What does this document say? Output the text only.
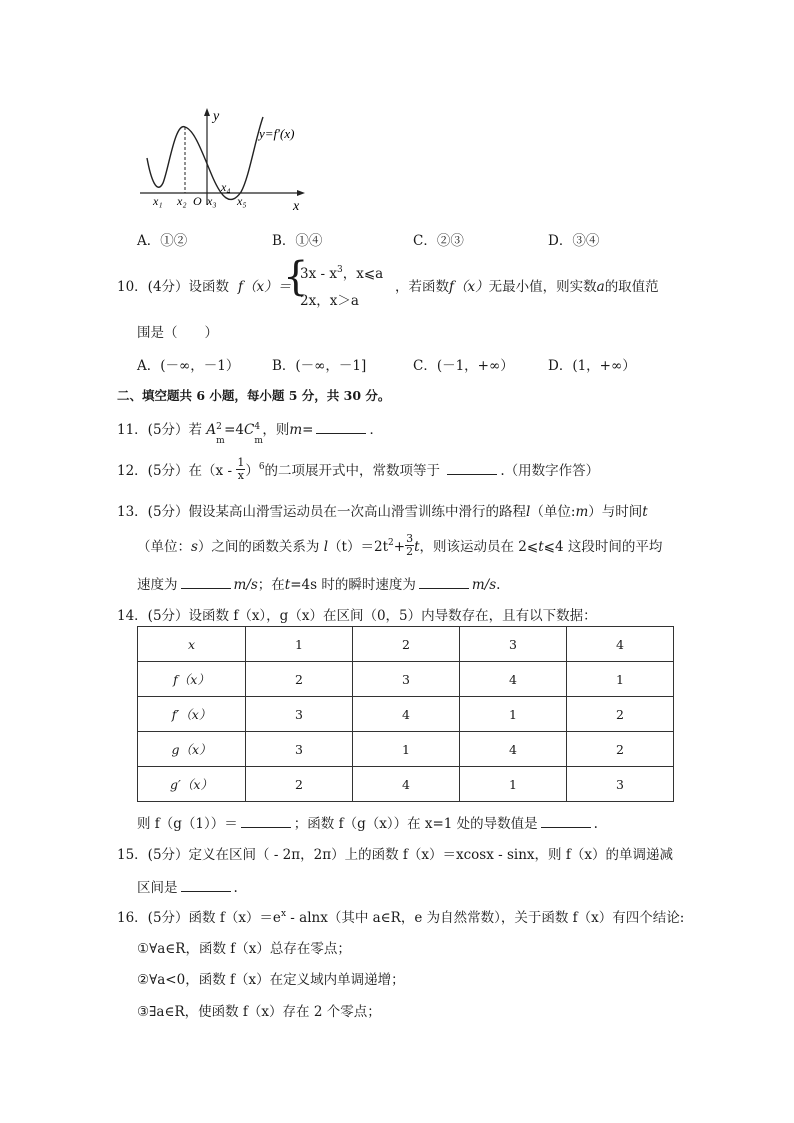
y
x
y=f′(x)
O
x₁ x₂ x₃
x₄
x₅
A．①②	B．①④	C．②③	D．③④
10．(4分）设函数 f（x）＝
{
$3x - x^3$，x⩽a
2x，x＞a
，若函数f（x）无最小值，则实数a的取值范
围是（　　）
A．(－∞，－1） B．(－∞，－1]	C．(－1，+∞）	D．(1，+∞）
二、填空题共 6 小题，每小题 5 分，共 30 分。
11．(5分）若 A 2
m
=4C 4
m
，则m=	．
12．(5分）在$(x - \frac{1}{x} )^6$的二项展开式中，常数项等于	.（用数字作答）
13．(5分）假设某高山滑雪运动员在一次高山滑雪训练中滑行的路程l（单位:m）与时间t
（单位：s）之间的函数关系为 $l(t)=2t^2+ \frac{3}{2}$ t，则该运动员在 2⩽t⩽4 这段时间的平均
速度为	m/s；在t=4s 时的瞬时速度为	m/s.
14．(5分）设函数 f（x），g（x）在区间（0，5）内导数存在，且有以下数据：
x	1	2	3	4
f（x）	2	3	4	1
f′（x）	3	4	1	2
g（x）	3	1	4	2
g′（x）	2	4	1	3
则 f（g（1））＝	；函数 f（g（x））在 x=1 处的导数值是	.
15．(5分）定义在区间（ - 2π，2π）上的函数 f（x）＝xcosx - sinx，则 f（x）的单调递减
区间是	.
16．(5分）函数 $f(x)=e^x - alnx$（其中 a∈R，e 为自然常数），关于函数 f（x）有四个结论:
①∀a∈R，函数 f（x）总存在零点；
②∀a<0，函数 f（x）在定义域内单调递增；
③∃a∈R，使函数 f（x）存在 2 个零点；
